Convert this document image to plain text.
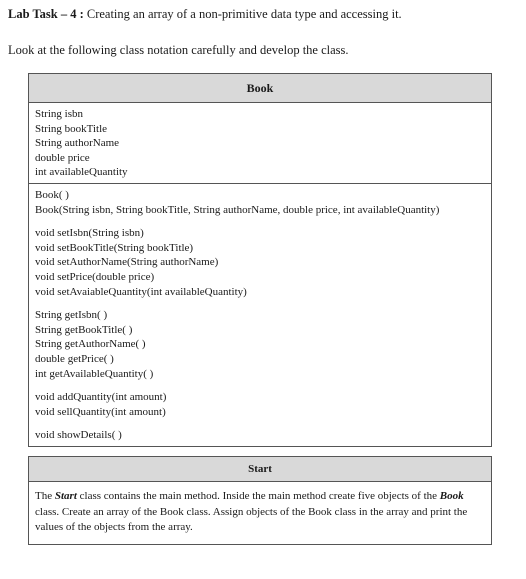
Lab Task – 4 : Creating an array of a non-primitive data type and accessing it.
Look at the following class notation carefully and develop the class.
Book
String isbn
String bookTitle
String authorName
double price
int availableQuantity
Book( )
Book(String isbn, String bookTitle, String authorName, double price, int availableQuantity)
void setIsbn(String isbn)
void setBookTitle(String bookTitle)
void setAuthorName(String authorName)
void setPrice(double price)
void setAvaiableQuantity(int availableQuantity)
String getIsbn( )
String getBookTitle( )
String getAuthorName( )
double getPrice( )
int getAvailableQuantity( )
void addQuantity(int amount)
void sellQuantity(int amount)
void showDetails( )
Start
The Start class contains the main method. Inside the main method create five objects of the Book class. Create an array of the Book class. Assign objects of the Book class in the array and print the values of the objects from the array.
